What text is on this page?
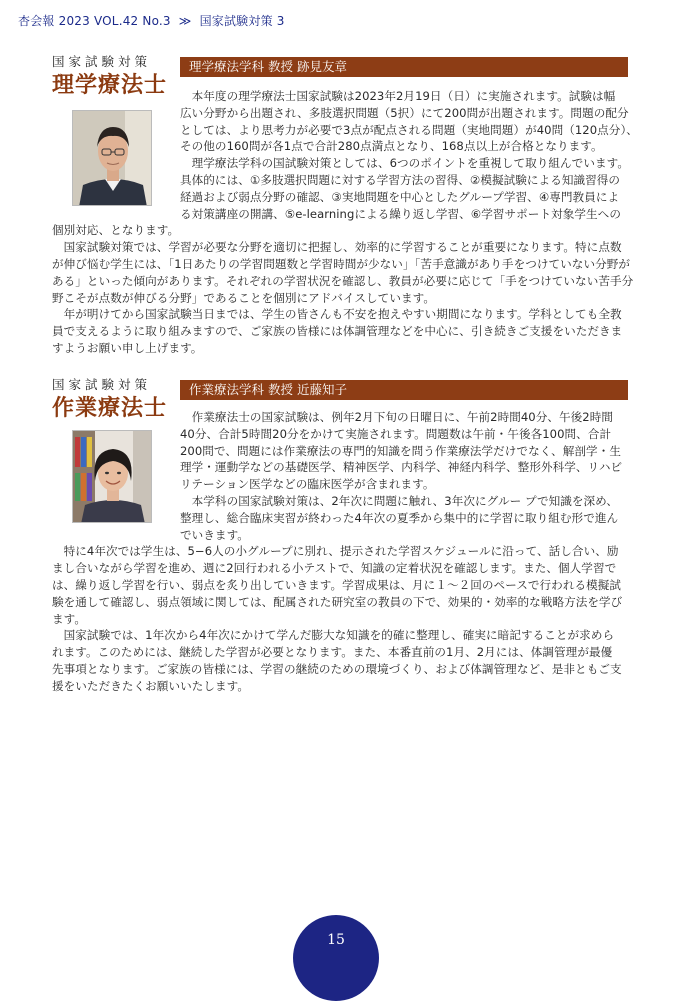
杏会報 2023 VOL.42 No.3 ≫ 国家試験対策 3
国家試験対策
理学療法士
理学療法学科 教授 跡見友章
　本年度の理学療法士国家試験は2023年2月19日（日）に実施されます。試験は幅
広い分野から出題され、多肢選択問題（5択）にて200問が出題されます。問題の配分
としては、より思考力が必要で3点が配点される問題（実地問題）が40問（120点分）、
その他の160問が各1点で合計280点満点となり、168点以上が合格となります。
　理学療法学科の国試験対策としては、6つのポイントを重視して取り組んでいます。
具体的には、①多肢選択問題に対する学習方法の習得、②模擬試験による知識習得の
経過および弱点分野の確認、③実地問題を中心としたグループ学習、④専門教員によ
る対策講座の開講、⑤e-learningによる繰り返し学習、⑥学習サポート対象学生への
個別対応、となります。
　国家試験対策では、学習が必要な分野を適切に把握し、効率的に学習することが重要になります。特に点数
が伸び悩む学生には、「1日あたりの学習問題数と学習時間が少ない」「苦手意識があり手をつけていない分野が
ある」といった傾向があります。それぞれの学習状況を確認し、教員が必要に応じて「手をつけていない苦手分
野こそが点数が伸びる分野」であることを個別にアドバイスしています。
　年が明けてから国家試験当日までは、学生の皆さんも不安を抱えやすい期間になります。学科としても全教
員で支えるように取り組みますので、ご家族の皆様には体調管理などを中心に、引き続きご支援をいただきま
すようお願い申し上げます。
国家試験対策
作業療法士
作業療法学科 教授 近藤知子
　作業療法士の国家試験は、例年2月下旬の日曜日に、午前2時間40分、午後2時間
40分、合計5時間20分をかけて実施されます。問題数は午前・午後各100問、合計
200問で、問題には作業療法の専門的知識を問う作業療法学だけでなく、解剖学・生
理学・運動学などの基礎医学、精神医学、内科学、神経内科学、整形外科学、リハビ
リテーション医学などの臨床医学が含まれます。
　本学科の国家試験対策は、2年次に問題に触れ、3年次にグルー プで知識を深め、
整理し、総合臨床実習が終わった4年次の夏季から集中的に学習に取り組む形で進ん
でいきます。
　特に4年次では学生は、5−6人の小グループに別れ、提示された学習スケジュールに沿って、話し合い、励
まし合いながら学習を進め、週に2回行われる小テストで、知識の定着状況を確認します。また、個人学習で
は、繰り返し学習を行い、弱点を炙り出していきます。学習成果は、月に１〜２回のペースで行われる模擬試
験を通して確認し、弱点領域に関しては、配属された研究室の教員の下で、効果的・効率的な戦略方法を学び
ます。
　国家試験では、1年次から4年次にかけて学んだ膨大な知識を的確に整理し、確実に暗記することが求めら
れます。このためには、継続した学習が必要となります。また、本番直前の1月、2月には、体調管理が最優
先事項となります。ご家族の皆様には、学習の継続のための環境づくり、および体調管理など、是非ともご支
援をいただきたくお願いいたします。
15
